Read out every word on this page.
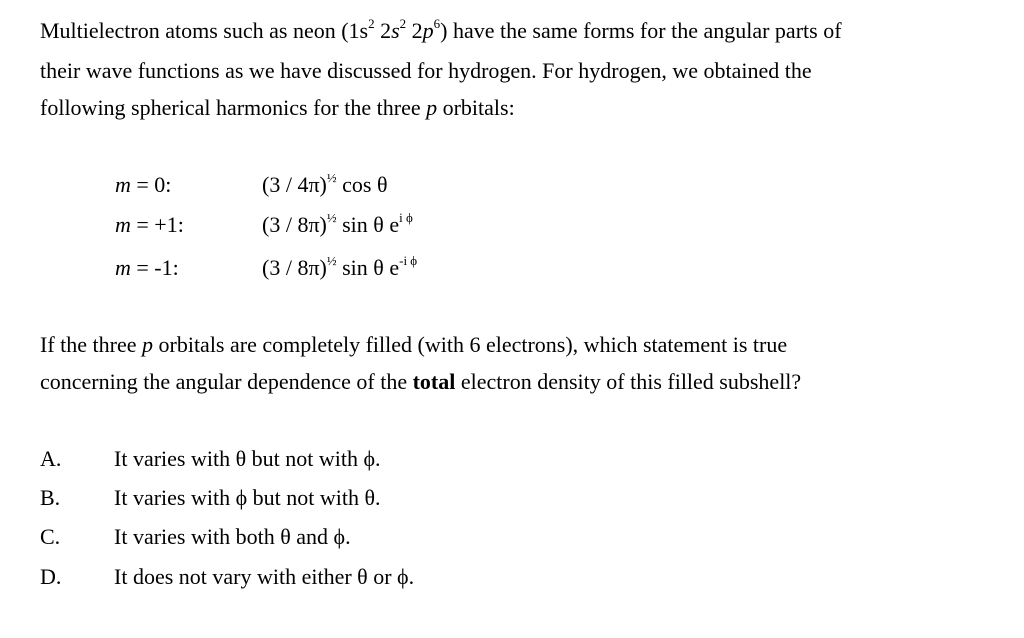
Multielectron atoms such as neon ($1s^2$ $2s^2$ $2p^6$) have the same forms for the angular parts of

their wave functions as we have discussed for hydrogen. For hydrogen, we obtained the

following spherical harmonics for the three p orbitals:

m = 0:	(3 / 4π)$^{\frac{1}{2}}$ cos θ
m = +1:	(3 / 8π)$^{\frac{1}{2}}$ sin θ $e^{i \phi}$
m = -1:	(3 / 8π)$^{\frac{1}{2}}$ sin θ $e^{-i \phi}$

If the three p orbitals are completely filled (with 6 electrons), which statement is true

concerning the angular dependence of the total electron density of this filled subshell?

A. It varies with θ but not with ϕ.
B. It varies with ϕ but not with θ.
C. It varies with both θ and ϕ.
D. It does not vary with either θ or ϕ.
